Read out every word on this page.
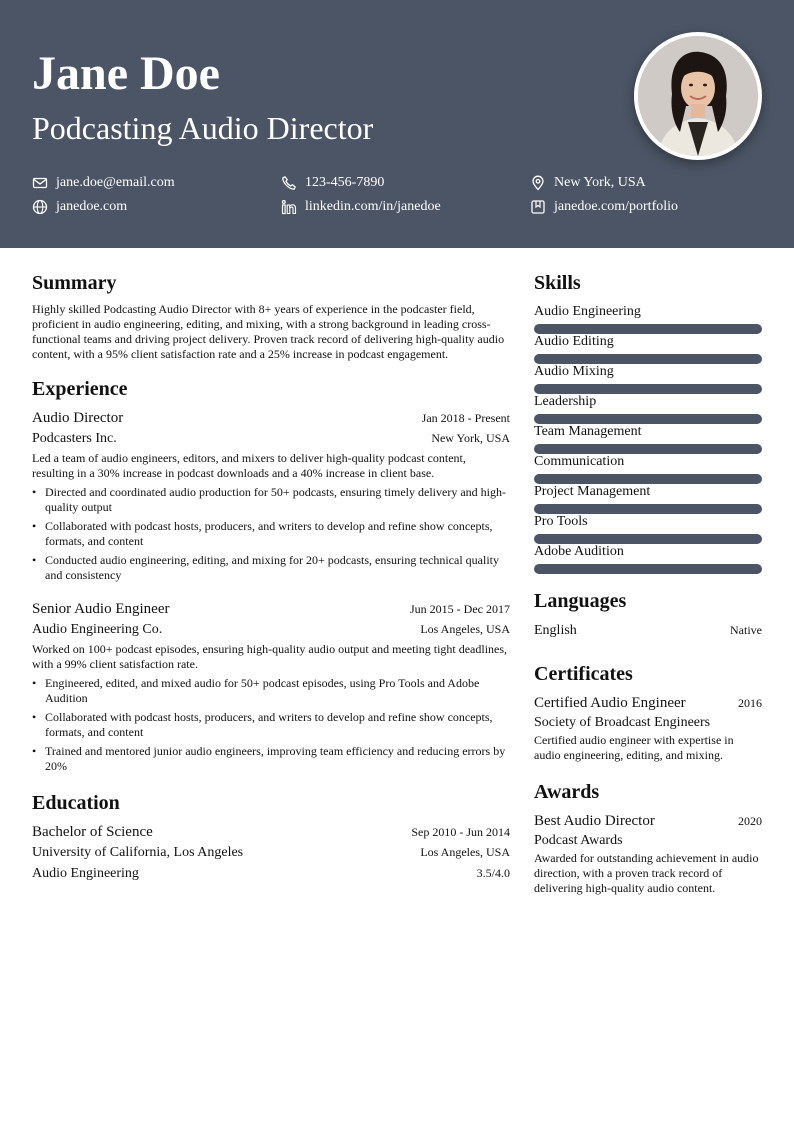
Jane Doe
Podcasting Audio Director
jane.doe@email.com	123-456-7890	New York, USA
janedoe.com	linkedin.com/in/janedoe	janedoe.com/portfolio
Summary

Highly skilled Podcasting Audio Director with 8+ years of experience in the podcaster field, proficient in audio engineering, editing, and mixing, with a strong background in leading cross-functional teams and driving project delivery. Proven track record of delivering high-quality audio content, with a 95% client satisfaction rate and a 25% increase in podcast engagement.

Experience
Audio Director	Jan 2018 - Present
Podcasters Inc.	New York, USA

Led a team of audio engineers, editors, and mixers to deliver high-quality podcast content, resulting in a 30% increase in podcast downloads and a 40% increase in client base.

• Directed and coordinated audio production for 50+ podcasts, ensuring timely delivery and high-quality output
• Collaborated with podcast hosts, producers, and writers to develop and refine show concepts, formats, and content
• Conducted audio engineering, editing, and mixing for 20+ podcasts, ensuring technical quality and consistency
Senior Audio Engineer	Jun 2015 - Dec 2017
Audio Engineering Co.	Los Angeles, USA

Worked on 100+ podcast episodes, ensuring high-quality audio output and meeting tight deadlines, with a 99% client satisfaction rate.

• Engineered, edited, and mixed audio for 50+ podcast episodes, using Pro Tools and Adobe Audition
• Collaborated with podcast hosts, producers, and writers to develop and refine show concepts, formats, and content
• Trained and mentored junior audio engineers, improving team efficiency and reducing errors by 20%
Education
Bachelor of Science	Sep 2010 - Jun 2014
University of California, Los Angeles	Los Angeles, USA
Audio Engineering	3.5/4.0
Skills
Audio Engineering
Audio Editing
Audio Mixing
Leadership
Team Management
Communication
Project Management
Pro Tools
Adobe Audition
Languages
English	Native
Certificates
Certified Audio Engineer	2016
Society of Broadcast Engineers

Certified audio engineer with expertise in audio engineering, editing, and mixing.

Awards
Best Audio Director	2020
Podcast Awards

Awarded for outstanding achievement in audio direction, with a proven track record of delivering high-quality audio content.
